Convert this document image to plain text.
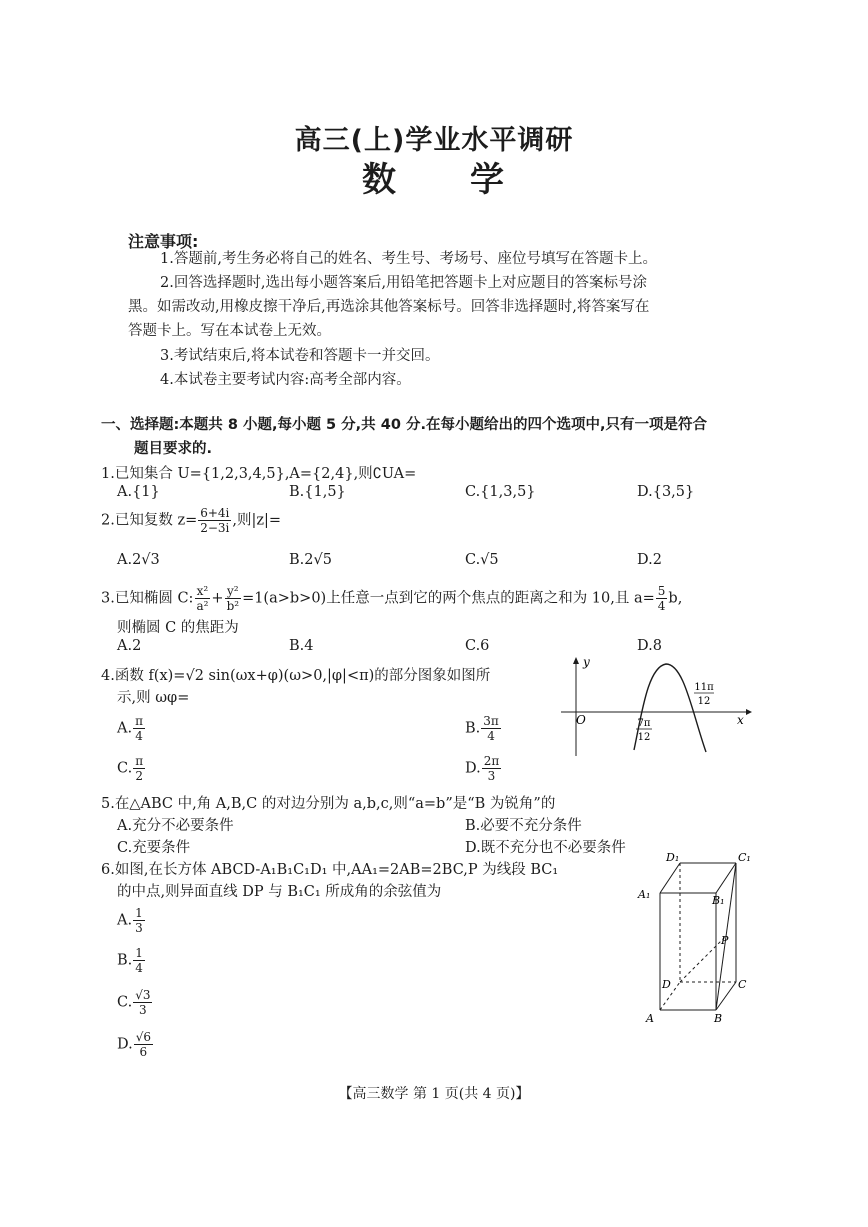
高三(上)学业水平调研
数 学
注意事项:
1.答题前,考生务必将自己的姓名、考生号、考场号、座位号填写在答题卡上。
2.回答选择题时,选出每小题答案后,用铅笔把答题卡上对应题目的答案标号涂
黑。如需改动,用橡皮擦干净后,再选涂其他答案标号。回答非选择题时,将答案写在
答题卡上。写在本试卷上无效。
3.考试结束后,将本试卷和答题卡一并交回。
4.本试卷主要考试内容:高考全部内容。
一、选择题:本题共 8 小题,每小题 5 分,共 40 分.在每小题给出的四个选项中,只有一项是符合
题目要求的.
1.已知集合 U={1,2,3,4,5},A={2,4},则∁UA=
A.{1}	B.{1,5}	C.{1,3,5}	D.{3,5}
2.已知复数 $z= \frac{6+4i}{2-3i}$ ,则|z|=
A.2√3	B.2√5	C.√5	D.2
3.已知椭圆 C: $\frac{\text{x²}}{\text{a²}} + \frac{\text{y²}}{\text{b²}} =1(a>b>0)$上任意一点到它的两个焦点的距离之和为 10,且 $a= \frac{5}{4} b$,
则椭圆 C 的焦距为
A.2	B.4	C.6	D.8
4.函数 f(x)=√2 sin(ωx+φ)(ω>0,|φ|<π)的部分图象如图所
示,则 ωφ=
A. $\frac{\pi}{4}$	B. $\frac{3\pi}{4}$
C. $\frac{\pi}{2}$	D. $\frac{2\pi}{3}$
y
x
O	7π
12
11π
12
5.在△ABC 中,角 A,B,C 的对边分别为 a,b,c,则“a=b”是“B 为锐角”的
A.充分不必要条件	B.必要不充分条件
C.充要条件	D.既不充分也不必要条件
6.如图,在长方体 ABCD-A₁B₁C₁D₁ 中,AA₁=2AB=2BC,P 为线段 BC₁
的中点,则异面直线 DP 与 B₁C₁ 所成角的余弦值为
A. $\frac{1}{3}$
B. $\frac{1}{4}$
C. $\frac{√3}{3}$
D. $\frac{√6}{6}$
D₁	C₁
A₁	B₁
P
D	C
A	B
【高三数学 第 1 页(共 4 页)】
